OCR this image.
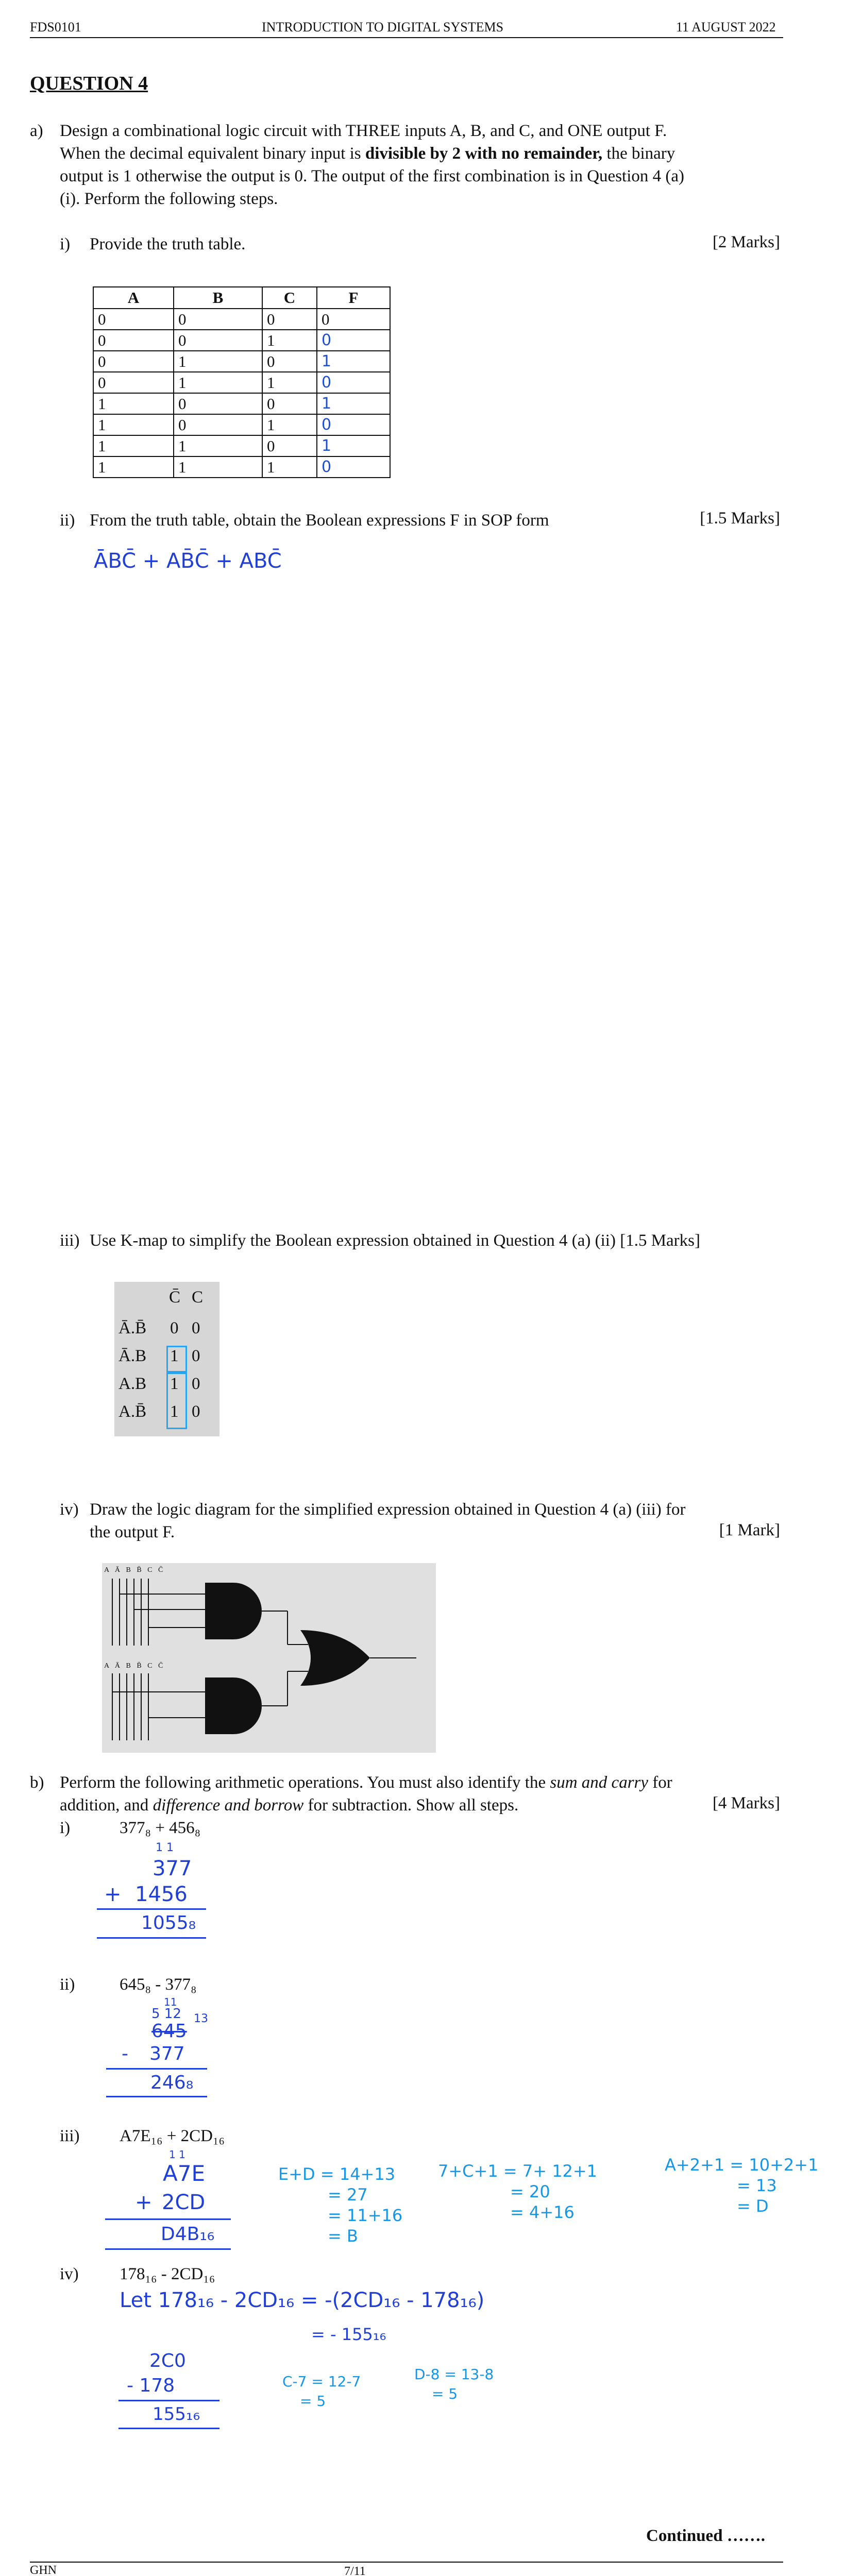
FDS0101	INTRODUCTION TO DIGITAL SYSTEMS	11 AUGUST 2022
QUESTION 4
a) Design a combinational logic circuit with THREE inputs A, B, and C, and ONE output F.
When the decimal equivalent binary input is divisible by 2 with no remainder, the binary
output is 1 otherwise the output is 0. The output of the first combination is in Question 4 (a)
(i). Perform the following steps.
i) Provide the truth table.	[2 Marks]
A	B	C	F
0	0	0	0
0	0	1	0
0	1	0	1
0	1	1	0
1	0	0	1
1	0	1	0
1	1	0	1
1	1	1	0
ii) From the truth table, obtain the Boolean expressions F in SOP form	[1.5 Marks]
ĀBC̄ + AB̄C̄ + ABC̄
iii) Use K-map to simplify the Boolean expression obtained in Question 4 (a) (ii) [1.5 Marks]
C̄ C
Ā.B̄ 0 0
Ā.B 1 0
A.B 1 0
A.B̄ 1 0
iv) Draw the logic diagram for the simplified expression obtained in Question 4 (a) (iii) for
the output F.	[1 Mark]
A Ā B B̄ C C̄
A Ā B B̄ C C̄
b) Perform the following arithmetic operations. You must also identify the sum and carry for
addition, and difference and borrow for subtraction. Show all steps.	[4 Marks]
i)	377₈ + 456₈
1 1
377
+ 1456
1055₈
ii)	645₈ - 377₈
11
5 12 13
645
- 377
246₈
iii) A7E₁₆ + 2CD₁₆
1 1
A7E
+ 2CD
D4B₁₆
E+D = 14+13
= 27
= 11+16
= B
7+C+1 = 7+ 12+1
= 20
= 4+16
A+2+1 = 10+2+1
= 13
= D
iv) 178₁₆ - 2CD₁₆
Let 178₁₆ - 2CD₁₆ = -(2CD₁₆ - 178₁₆)
= - 155₁₆
2C0
- 178
155₁₆
C-7 = 12-7
= 5
D-8 = 13-8
= 5
Continued …….
GHN	7/11
